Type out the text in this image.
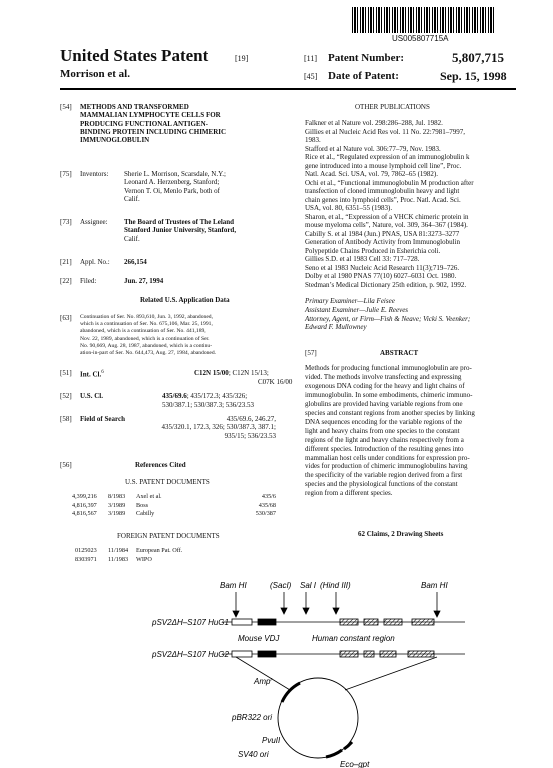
US005807715A
United States Patent	[19]
Morrison et al.
[11] Patent Number:	5,807,715
[45] Date of Patent:	Sep. 15, 1998
[54] METHODS AND TRANSFORMED
MAMMALIAN LYMPHOCYTE CELLS FOR
PRODUCING FUNCTIONAL ANTIGEN-
BINDING PROTEIN INCLUDING CHIMERIC
IMMUNOGLOBULIN
[75] Inventors: Sherie L. Morrison, Scarsdale, N.Y.;
Leonard A. Herzenberg, Stanford;
Vernon T. Oi, Menlo Park, both of
Calif.
[73] Assignee: The Board of Trustees of The Leland
Stanford Junior University, Stanford,
Calif.
[21] Appl. No.: 266,154
[22] Filed:	Jun. 27, 1994
Related U.S. Application Data
[63] Continuation of Ser. No. 893,610, Jun. 3, 1992, abandoned,
which is a continuation of Ser. No. 675,106, Mar. 25, 1991,
abandoned, which is a continuation of Ser. No. 441,189,
Nov. 22, 1989, abandoned, which is a continuation of Ser.
No. 90,669, Aug. 28, 1987, abandoned, which is a continu-
ation-in-part of Ser. No. 644,473, Aug. 27, 1984, abandoned.
[51] Int. Cl.$^6$	C12N 15/00; C12N 15/13;
C07K 16/00
[52] U.S. Cl.	435/69.6; 435/172.3; 435/326;
530/387.1; 530/387.3; 536/23.53
[58] Field of Search	435/69.6, 246.27,
435/320.1, 172.3, 326; 530/387.3, 387.1;
935/15; 536/23.53
[56]	References Cited
U.S. PATENT DOCUMENTS
4,399,216 8/1983 Axel et al.	435/6
4,816,397 3/1989 Boss	435/68
4,816,567 3/1989 Cabilly	530/387
FOREIGN PATENT DOCUMENTS
0125023 11/1984 European Pat. Off.
8303971 11/1983 WIPO
OTHER PUBLICATIONS
Falkner et al Nature vol. 298:286–288, Jul. 1982.
Gillies et al Nucleic Acid Res vol. 11 No. 22:7981–7997,
1983.
Stafford et al Nature vol. 306:77–79, Nov. 1983.
Rice et al., “Regulated expression of an immunoglobulin k
gene introduced into a mouse lymphoid cell line”, Proc.
Natl. Acad. Sci. USA, vol. 79, 7862–65 (1982).
Ochi et al., “Functional immunoglobulin M production after
transfection of cloned immunoglobulin heavy and light
chain genes into lymphoid cells”, Proc. Natl. Acad. Sci.
USA, vol. 80, 6351–55 (1983).
Sharon, et al., “Expression of a VHCK chimeric protein in
mouse myeloma cells”, Nature, vol. 309, 364–367 (1984).
Cabilly S. et al 1984 (Jun.) PNAS, USA 81:3273–3277
Generation of Antibody Activity from Immunoglobulin
Polypeptide Chains Produced in Esherichia coli.
Gillies S.D. et al 1983 Cell 33: 717–728.
Seno et al 1983 Nucleic Acid Research 11(3);719–726.
Dolby et al 1980 PNAS 77(10) 6027–6031 Oct. 1980.
Stedman’s Medical Dictionary 25th edition, p. 902, 1992.
Primary Examiner—Lila Feisee
Assistant Examiner—Julie E. Reeves
Attorney, Agent, or Firm—Fish & Neave; Vicki S. Veenker;
Edward F. Mullowney
[57]	ABSTRACT
Methods for producing functional immunoglobulin are pro-
vided. The methods involve transfecting and expressing
exogenous DNA coding for the heavy and light chains of
immunoglobulin. In some embodiments, chimeric immuno-
globulins are provided having variable regions from one
species and constant regions from another species by linking
DNA sequences encoding for the variable regions of the
light and heavy chains from one species to the constant
regions of the light and heavy chains respectively from a
different species. Introduction of the resulting genes into
mammalian host cells under conditions for expression pro-
vides for production of chimeric immunoglobulins having
the specificity of the variable region derived from a first
species and the physiological functions of the constant
region from a different species.
62 Claims, 2 Drawing Sheets
Bam HI	(SacI) Sal I (Hind III)	Bam HI
pSV2ΔH–S107 HuG1
Mouse VDJ	Human constant region
pSV2ΔH–S107 HuG2
Amp$^r$
pBR322 ori
PvuII
SV40 ori
Eco–gpt
